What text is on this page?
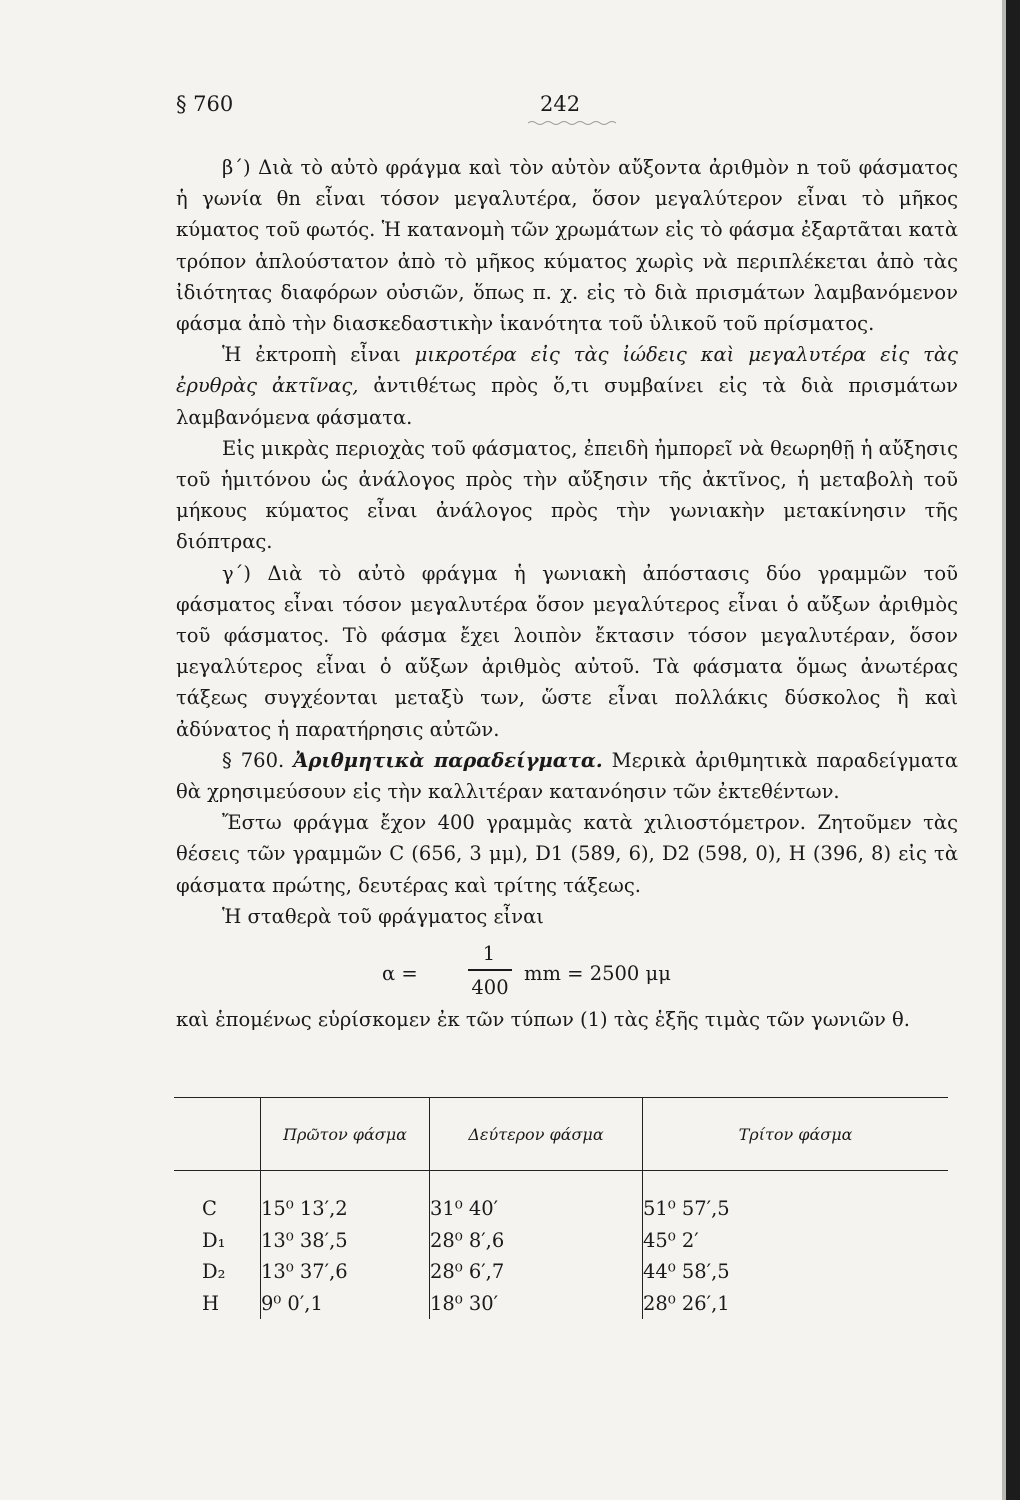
§ 760	242

β΄) Διὰ τὸ αὐτὸ φράγμα καὶ τὸν αὐτὸν αὔξοντα ἀριθμὸν n τοῦ φάσματος ἡ γωνία θn εἶναι τόσον μεγαλυτέρα, ὅσον μεγαλύτερον εἶναι τὸ μῆκος κύματος τοῦ φωτός. Ἡ κατανομὴ τῶν χρωμάτων εἰς τὸ φάσμα ἐξαρτᾶται κατὰ τρόπον ἁπλούστατον ἀπὸ τὸ μῆκος κύματος χωρὶς νὰ περιπλέκεται ἀπὸ τὰς ἰδιότητας διαφόρων οὐσιῶν, ὅπως π. χ. εἰς τὸ διὰ πρισμάτων λαμβανόμενον φάσμα ἀπὸ τὴν διασκεδαστικὴν ἱκανότητα τοῦ ὑλικοῦ τοῦ πρίσματος.

Ἡ ἐκτροπὴ εἶναι μικροτέρα εἰς τὰς ἰώδεις καὶ μεγαλυτέρα εἰς τὰς ἐρυθρὰς ἀκτῖνας, ἀντιθέτως πρὸς ὅ,τι συμβαίνει εἰς τὰ διὰ πρισμάτων λαμβανόμενα φάσματα.

Εἰς μικρὰς περιοχὰς τοῦ φάσματος, ἐπειδὴ ἠμπορεῖ νὰ θεωρηθῇ ἡ αὔξησις τοῦ ἡμιτόνου ὡς ἀνάλογος πρὸς τὴν αὔξησιν τῆς ἀκτῖνος, ἡ μεταβολὴ τοῦ μήκους κύματος εἶναι ἀνάλογος πρὸς τὴν γωνιακὴν μετακίνησιν τῆς διόπτρας.

γ΄) Διὰ τὸ αὐτὸ φράγμα ἡ γωνιακὴ ἀπόστασις δύο γραμμῶν τοῦ φάσματος εἶναι τόσον μεγαλυτέρα ὅσον μεγαλύτερος εἶναι ὁ αὔξων ἀριθμὸς τοῦ φάσματος. Τὸ φάσμα ἔχει λοιπὸν ἔκτασιν τόσον μεγαλυτέραν, ὅσον μεγαλύτερος εἶναι ὁ αὔξων ἀριθμὸς αὐτοῦ. Τὰ φάσματα ὅμως ἀνωτέρας τάξεως συγχέονται μεταξὺ των, ὥστε εἶναι πολλάκις δύσκολος ἢ καὶ ἀδύνατος ἡ παρατήρησις αὐτῶν.

§ 760. Ἀριθμητικὰ παραδείγματα. Μερικὰ ἀριθμητικὰ παραδείγματα θὰ χρησιμεύσουν εἰς τὴν καλλιτέραν κατανόησιν τῶν ἐκτεθέντων.

Ἔστω φράγμα ἔχον 400 γραμμὰς κατὰ χιλιοστόμετρον. Ζητοῦμεν τὰς θέσεις τῶν γραμμῶν C (656, 3 μμ), D1 (589, 6), D2 (598, 0), H (396, 8) εἰς τὰ φάσματα πρώτης, δευτέρας καὶ τρίτης τάξεως.

Ἡ σταθερὰ τοῦ φράγματος εἶναι

α =
1
400
mm = 2500 μμ

καὶ ἑπομένως εὑρίσκομεν ἐκ τῶν τύπων (1) τὰς ἑξῆς τιμὰς τῶν γωνιῶν θ.

	Πρῶτον φάσμα	Δεύτερον φάσμα	Τρίτον φάσμα
C	15⁰ 13′,2	31⁰ 40′	51⁰ 57′,5
D₁	13⁰ 38′,5	28⁰ 8′,6	45⁰ 2′
D₂	13⁰ 37′,6	28⁰ 6′,7	44⁰ 58′,5
H	9⁰ 0′,1	18⁰ 30′	28⁰ 26′,1
